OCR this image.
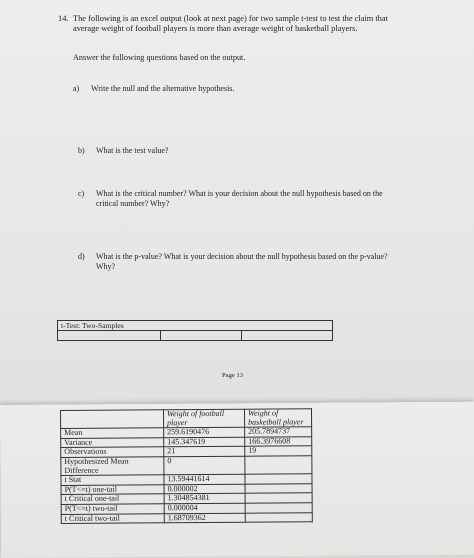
14. The following is an excel output (look at next page) for two sample t-test to test the claim that average weight of football players is more than average weight of basketball players.

Answer the following questions based on the output.
a) Write the null and the alternative hypothesis.
b) What is the test value?
c) What is the critical number? What is your decision about the null hypothesis based on the critical number? Why?
d) What is the p-value? What is your decision about the null hypothesis based on the p-value? Why?
t-Test: Two-Samples

Page 13
	Weight of football player	Weight of basketball player
Mean	259.6190476	205.7894737
Variance	145.347619	166.3976608
Observations	21	19
Hypothesized Mean Difference	0	
t Stat	13.59441614	
P(T<=t) one-tail	0.000002	
t Critical one-tail	1.304854381	
P(T<=t) two-tail	0.000004	
t Critical two-tail	1.68709362	
